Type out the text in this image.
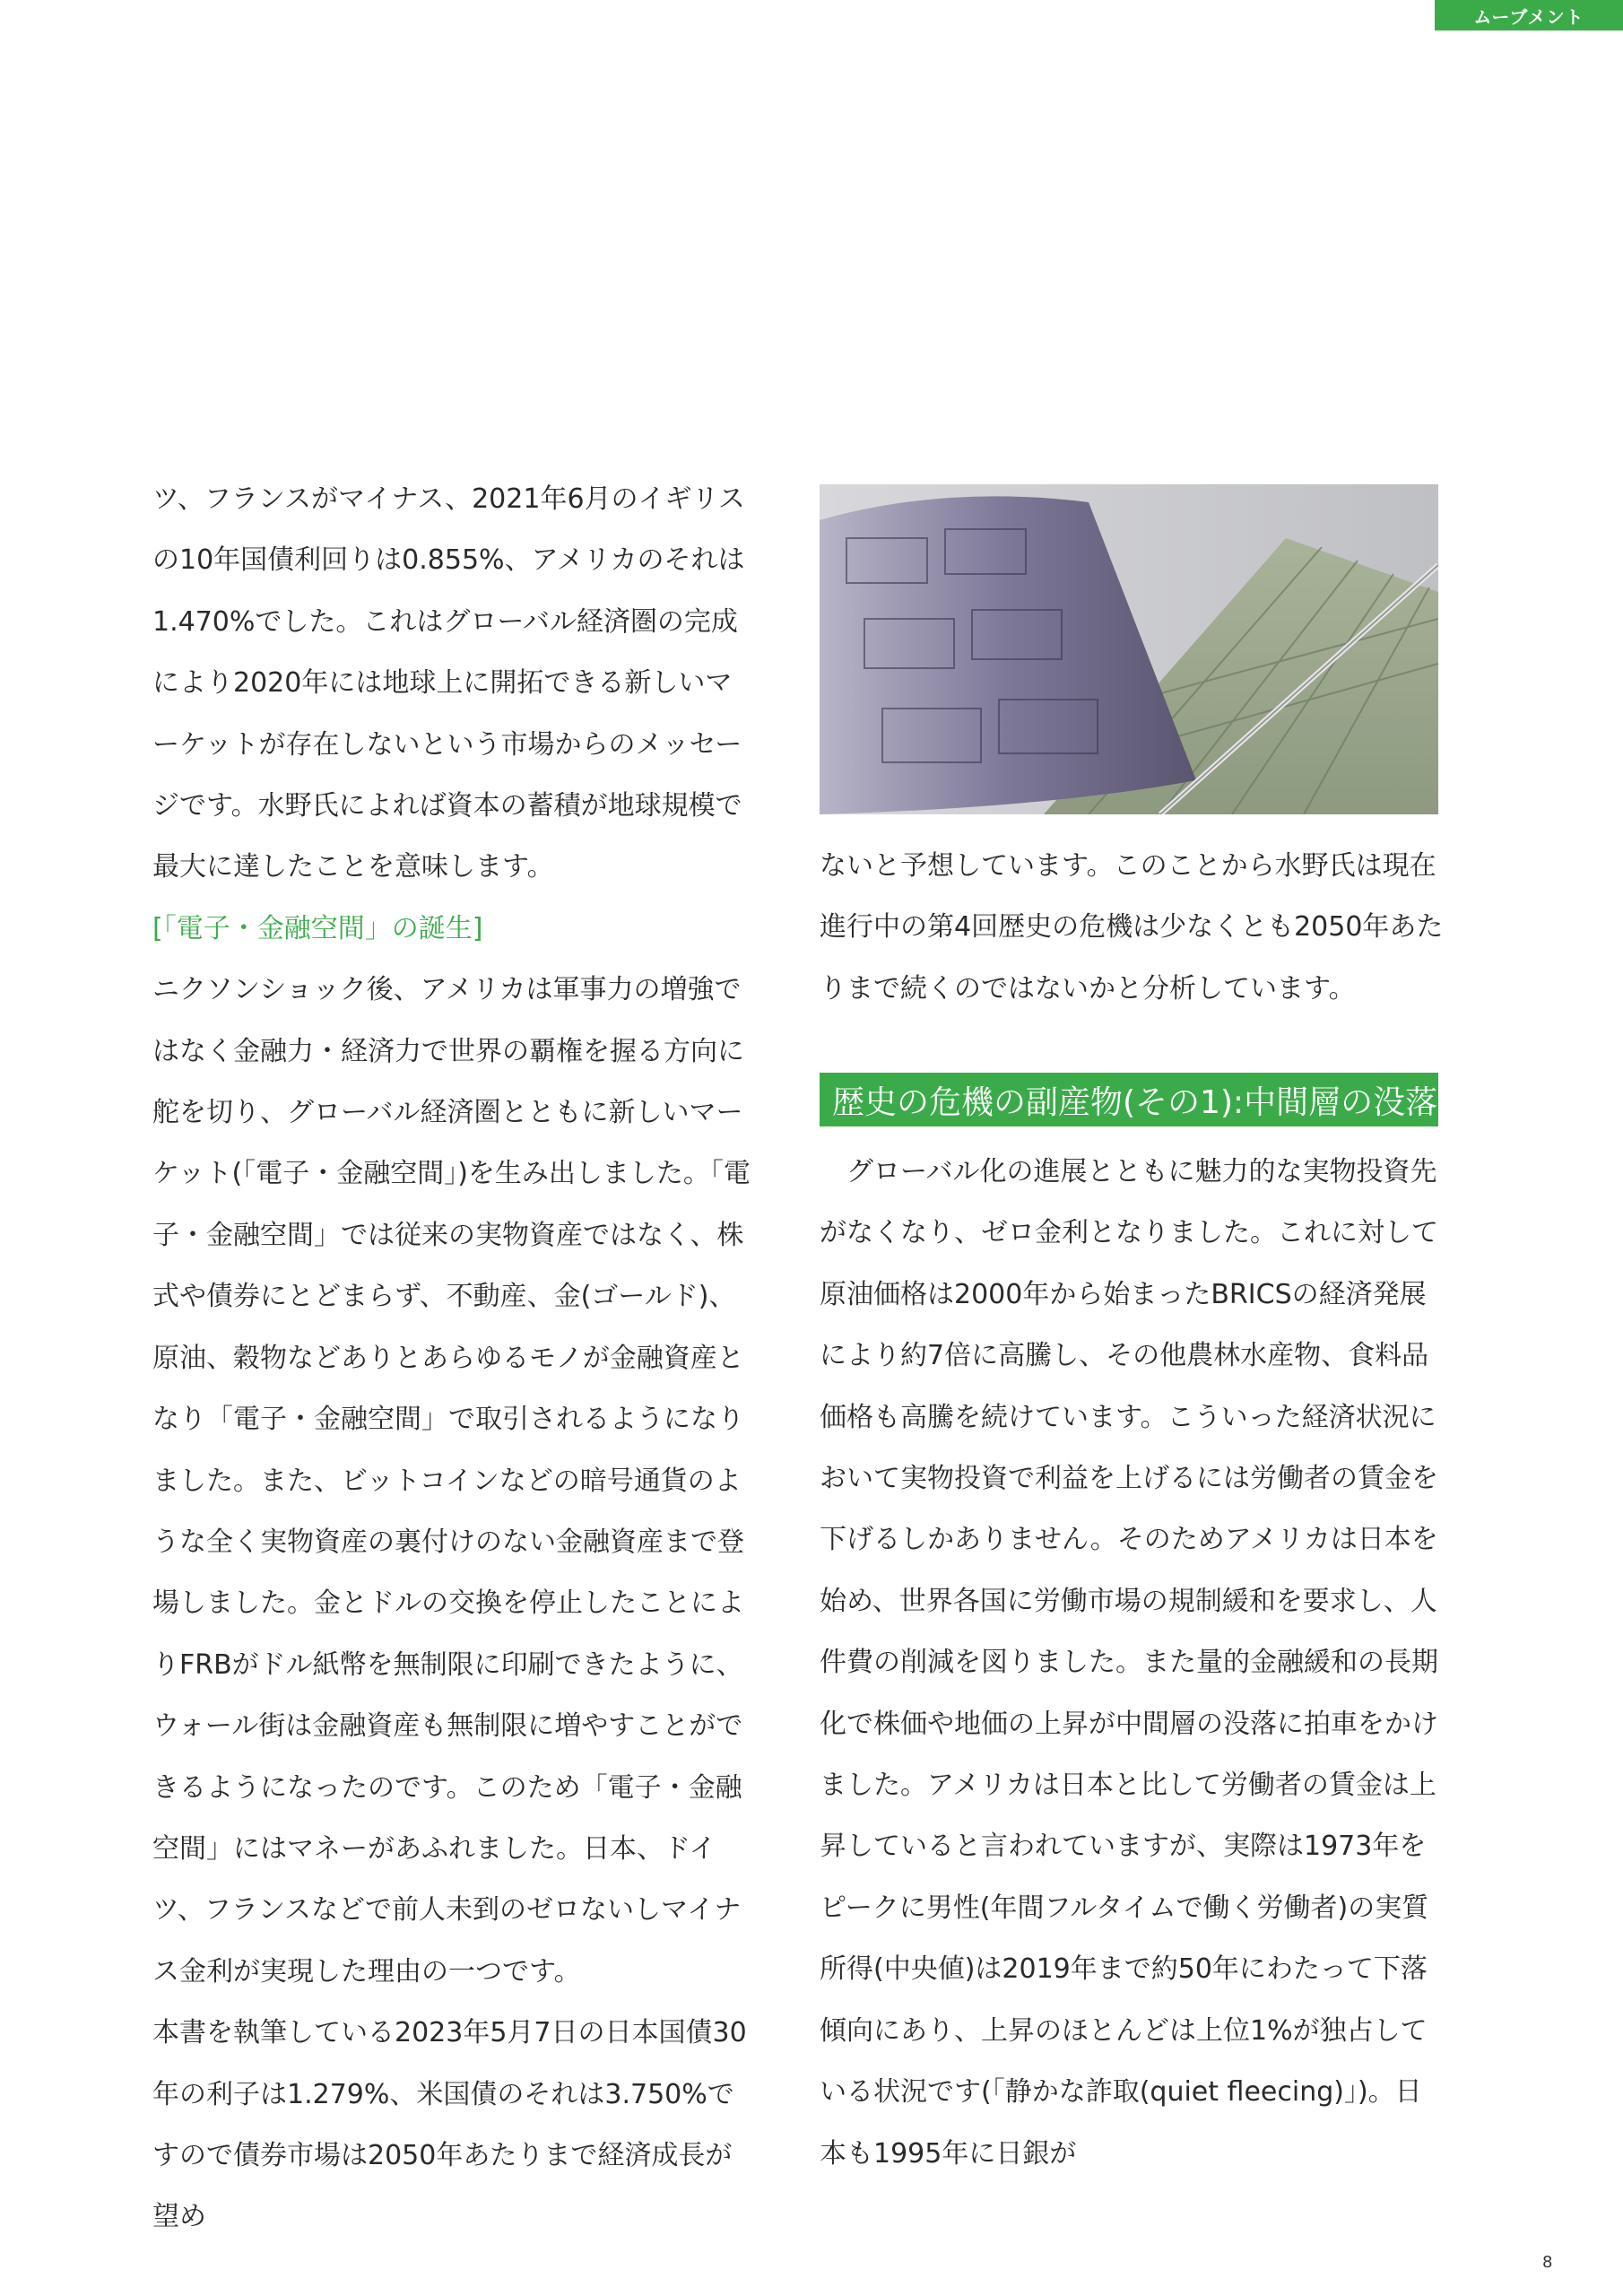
ムーブメント

ツ、フランスがマイナス、2021年6月のイギリスの10年国債利回りは0.855%、アメリカのそれは1.470%でした。これはグローバル経済圏の完成により2020年には地球上に開拓できる新しいマーケットが存在しないという市場からのメッセージです。水野氏によれば資本の蓄積が地球規模で最大に達したことを意味します。

[「電子・金融空間」の誕生]

ニクソンショック後、アメリカは軍事力の増強ではなく金融力・経済力で世界の覇権を握る方向に舵を切り、グローバル経済圏とともに新しいマーケット(「電子・金融空間」)を生み出しました。「電子・金融空間」では従来の実物資産ではなく、株式や債券にとどまらず、不動産、金(ゴールド)、原油、穀物などありとあらゆるモノが金融資産となり「電子・金融空間」で取引されるようになりました。また、ビットコインなどの暗号通貨のような全く実物資産の裏付けのない金融資産まで登場しました。金とドルの交換を停止したことによりFRBがドル紙幣を無制限に印刷できたように、ウォール街は金融資産も無制限に増やすことができるようになったのです。このため「電子・金融空間」にはマネーがあふれました。日本、ドイツ、フランスなどで前人未到のゼロないしマイナス金利が実現した理由の一つです。

本書を執筆している2023年5月7日の日本国債30年の利子は1.279%、米国債のそれは3.750%ですので債券市場は2050年あたりまで経済成長が望め

ないと予想しています。このことから水野氏は現在進行中の第4回歴史の危機は少なくとも2050年あたりまで続くのではないかと分析しています。

歴史の危機の副産物(その1):中間層の没落

グローバル化の進展とともに魅力的な実物投資先がなくなり、ゼロ金利となりました。これに対して原油価格は2000年から始まったBRICSの経済発展により約7倍に高騰し、その他農林水産物、食料品価格も高騰を続けています。こういった経済状況において実物投資で利益を上げるには労働者の賃金を下げるしかありません。そのためアメリカは日本を始め、世界各国に労働市場の規制緩和を要求し、人件費の削減を図りました。また量的金融緩和の長期化で株価や地価の上昇が中間層の没落に拍車をかけました。アメリカは日本と比して労働者の賃金は上昇していると言われていますが、実際は1973年をピークに男性(年間フルタイムで働く労働者)の実質所得(中央値)は2019年まで約50年にわたって下落傾向にあり、上昇のほとんどは上位1%が独占している状況です(「静かな詐取(quiet fleecing)」)。日本も1995年に日銀が

8
